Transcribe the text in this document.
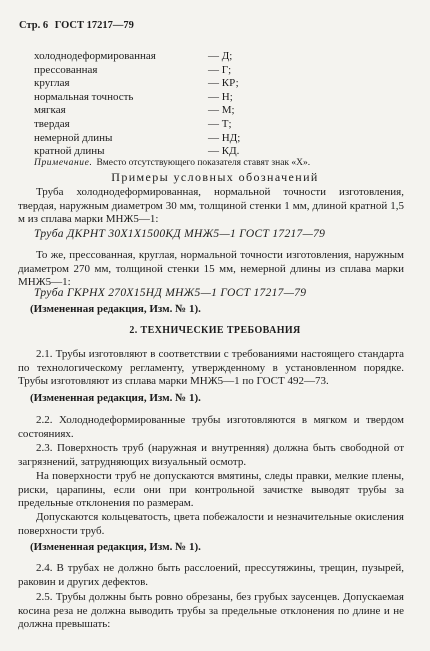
Стр. 6 ГОСТ 17217—79
холоднодеформированная	— Д;
прессованная	— Г;
круглая	— КР;
нормальная точность	— Н;
мягкая	— М;
твердая	— Т;
немерной длины	— НД;
кратной длины	— КД.
Примечание. Вместо отсутствующего показателя ставят знак «Х».
Примеры условных обозначений
Труба холоднодеформированная, нормальной точности изготовления, твердая, наружным диаметром 30 мм, толщиной стенки 1 мм, длиной кратной 1,5 м из сплава марки МНЖ5—1:
Труба ДКРНТ 30Х1Х1500КД МНЖ5—1 ГОСТ 17217—79
То же, прессованная, круглая, нормальной точности изготовления, наружным диаметром 270 мм, толщиной стенки 15 мм, немерной длины из сплава марки МНЖ5—1:
Труба ГКРНХ 270Х15НД МНЖ5—1 ГОСТ 17217—79
(Измененная редакция, Изм. № 1).
2. ТЕХНИЧЕСКИЕ ТРЕБОВАНИЯ
2.1. Трубы изготовляют в соответствии с требованиями настоящего стандарта по технологическому регламенту, утвержденному в установленном порядке. Трубы изготовляют из сплава марки МНЖ5—1 по ГОСТ 492—73.
(Измененная редакция, Изм. № 1).
2.2. Холоднодеформированные трубы изготовляются в мягком и твердом состояниях.
2.3. Поверхность труб (наружная и внутренняя) должна быть свободной от загрязнений, затрудняющих визуальный осмотр.
На поверхности труб не допускаются вмятины, следы правки, мелкие плены, риски, царапины, если они при контрольной зачистке выводят трубы за предельные отклонения по размерам.
Допускаются кольцеватость, цвета побежалости и незначительные окисления поверхности труб.
(Измененная редакция, Изм. № 1).
2.4. В трубах не должно быть расслоений, прессутяжины, трещин, пузырей, раковин и других дефектов.
2.5. Трубы должны быть ровно обрезаны, без грубых заусенцев. Допускаемая косина реза не должна выводить трубы за предельные отклонения по длине и не должна превышать:
